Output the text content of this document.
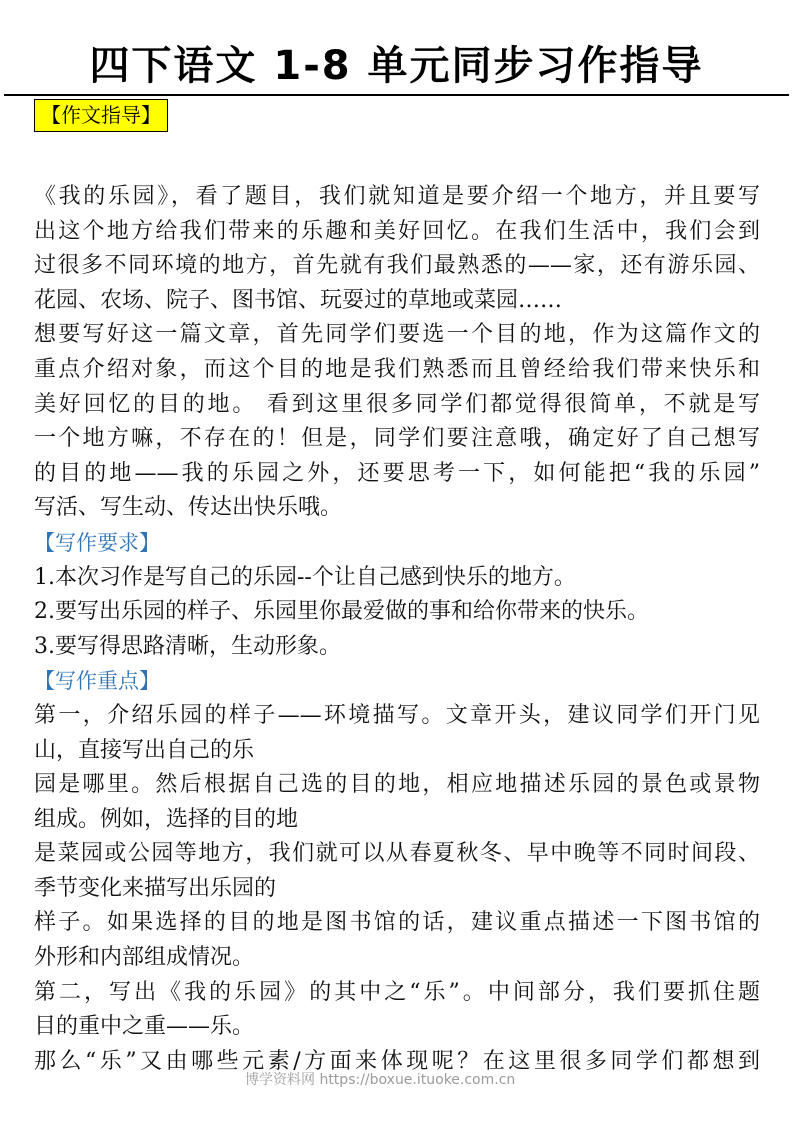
四下语文 1-8 单元同步习作指导
【作文指导】
《我的乐园》，看了题目，我们就知道是要介绍一个地方，并且要写
出这个地方给我们带来的乐趣和美好回忆。在我们生活中，我们会到
过很多不同环境的地方，首先就有我们最熟悉的——家，还有游乐园、
花园、农场、院子、图书馆、玩耍过的草地或菜园……
想要写好这一篇文章，首先同学们要选一个目的地，作为这篇作文的
重点介绍对象，而这个目的地是我们熟悉而且曾经给我们带来快乐和
美好回忆的目的地。 看到这里很多同学们都觉得很简单，不就是写
一个地方嘛，不存在的！但是，同学们要注意哦，确定好了自己想写
的目的地——我的乐园之外，还要思考一下，如何能把“我的乐园”
写活、写生动、传达出快乐哦。
【写作要求】
1.本次习作是写自己的乐园--个让自己感到快乐的地方。
2.要写出乐园的样子、乐园里你最爱做的事和给你带来的快乐。
3.要写得思路清晰，生动形象。
【写作重点】
第一，介绍乐园的样子——环境描写。文章开头，建议同学们开门见
山，直接写出自己的乐
园是哪里。然后根据自己选的目的地，相应地描述乐园的景色或景物
组成。例如，选择的目的地
是菜园或公园等地方，我们就可以从春夏秋冬、早中晚等不同时间段、
季节变化来描写出乐园的
样子。如果选择的目的地是图书馆的话，建议重点描述一下图书馆的
外形和内部组成情况。
第二，写出《我的乐园》的其中之“乐”。中间部分，我们要抓住题
目的重中之重——乐。
那么“乐”又由哪些元素/方面来体现呢？在这里很多同学们都想到
博学资料网 https://boxue.ituoke.com.cn
